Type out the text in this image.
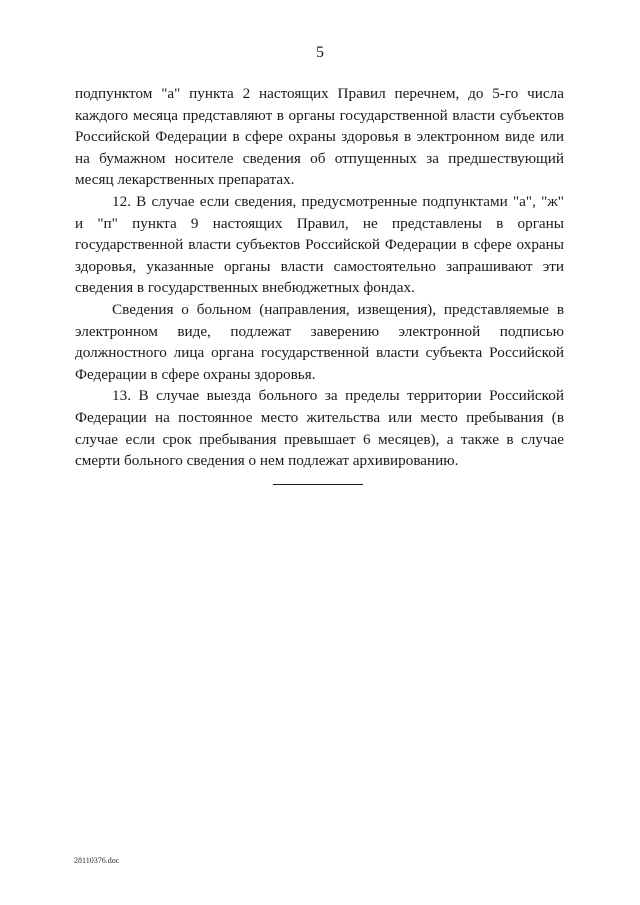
5

подпунктом "а" пункта 2 настоящих Правил перечнем, до 5-го числа каждого месяца представляют в органы государственной власти субъектов Российской Федерации в сфере охраны здоровья в электронном виде или на бумажном носителе сведения об отпущенных за предшествующий месяц лекарственных препаратах.

12. В случае если сведения, предусмотренные подпунктами "а", "ж" и "п" пункта 9 настоящих Правил, не представлены в органы государственной власти субъектов Российской Федерации в сфере охраны здоровья, указанные органы власти самостоятельно запрашивают эти сведения в государственных внебюджетных фондах.

Сведения о больном (направления, извещения), представляемые в электронном виде, подлежат заверению электронной подписью должностного лица органа государственной власти субъекта Российской Федерации в сфере охраны здоровья.

13. В случае выезда больного за пределы территории Российской Федерации на постоянное место жительства или место пребывания (в случае если срок пребывания превышает 6 месяцев), а также в случае смерти больного сведения о нем подлежат архивированию.

28110376.doc
